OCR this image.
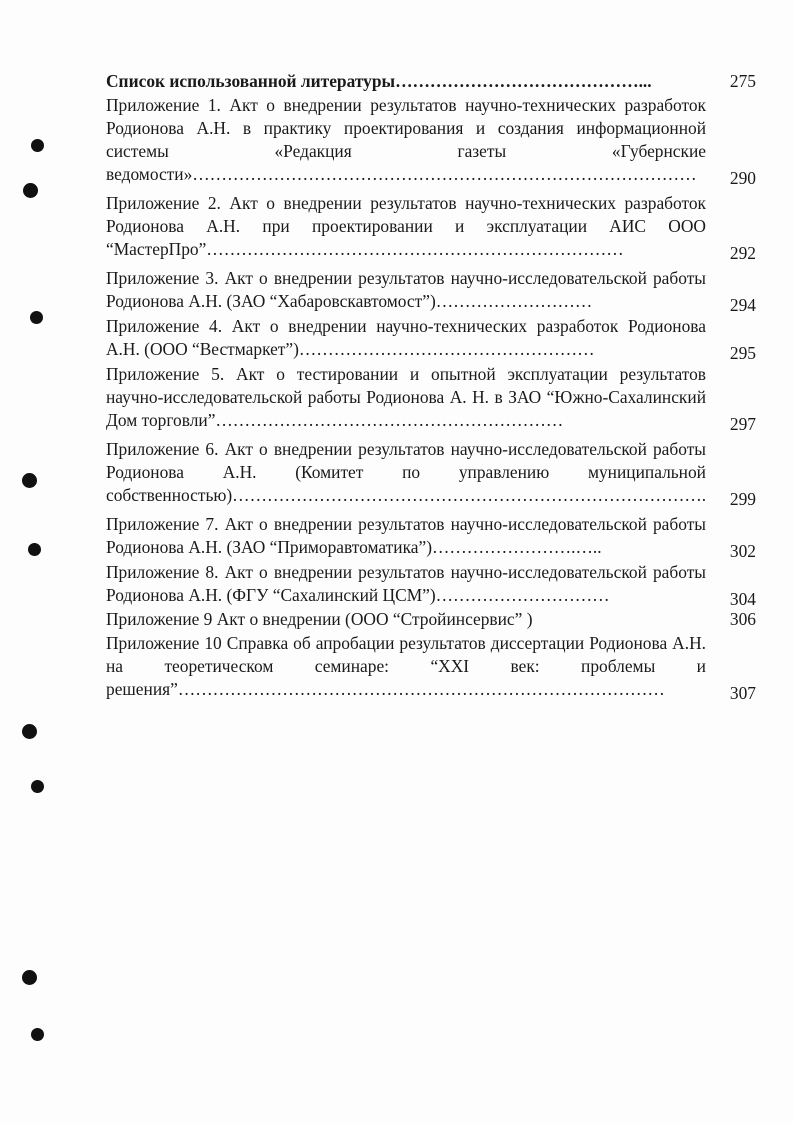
Список использованной литературы……………………………………...	275
Приложение 1. Акт о внедрении результатов научно-технических разработок Родионова А.Н. в практику проектирования и создания информационной системы «Редакция газеты «Губернские ведомости»……………………………………………………………………………	290
Приложение 2. Акт о внедрении результатов научно-технических разработок Родионова А.Н. при проектировании и эксплуатации АИС ООО “МастерПро”………………………………………………………………	292
Приложение 3. Акт о внедрении результатов научно-исследовательской работы Родионова А.Н. (ЗАО “Хабаровскавтомост”)………………………	294
Приложение 4. Акт о внедрении научно-технических разработок Родионова А.Н. (ООО “Вестмаркет”)……………………………………………	295
Приложение 5. Акт о тестировании и опытной эксплуатации результатов научно-исследовательской работы Родионова А. Н. в ЗАО “Южно-Сахалинский Дом торговли”……………………………………………………	297
Приложение 6. Акт о внедрении результатов научно-исследовательской работы Родионова А.Н. (Комитет по управлению муниципальной собственностью)……………………………………………………………………….	299
Приложение 7. Акт о внедрении результатов научно-исследовательской работы Родионова А.Н. (ЗАО “Приморавтоматика”)…………………….…..	302
Приложение 8. Акт о внедрении результатов научно-исследовательской работы Родионова А.Н. (ФГУ “Сахалинский ЦСМ”)…………………………	304
Приложение 9 Акт о внедрении (ООО “Стройинсервис” )	306
Приложение 10 Справка об апробации результатов диссертации Родионова А.Н. на теоретическом семинаре: “XXI век: проблемы и решения”…………………………………………………………………………	307
